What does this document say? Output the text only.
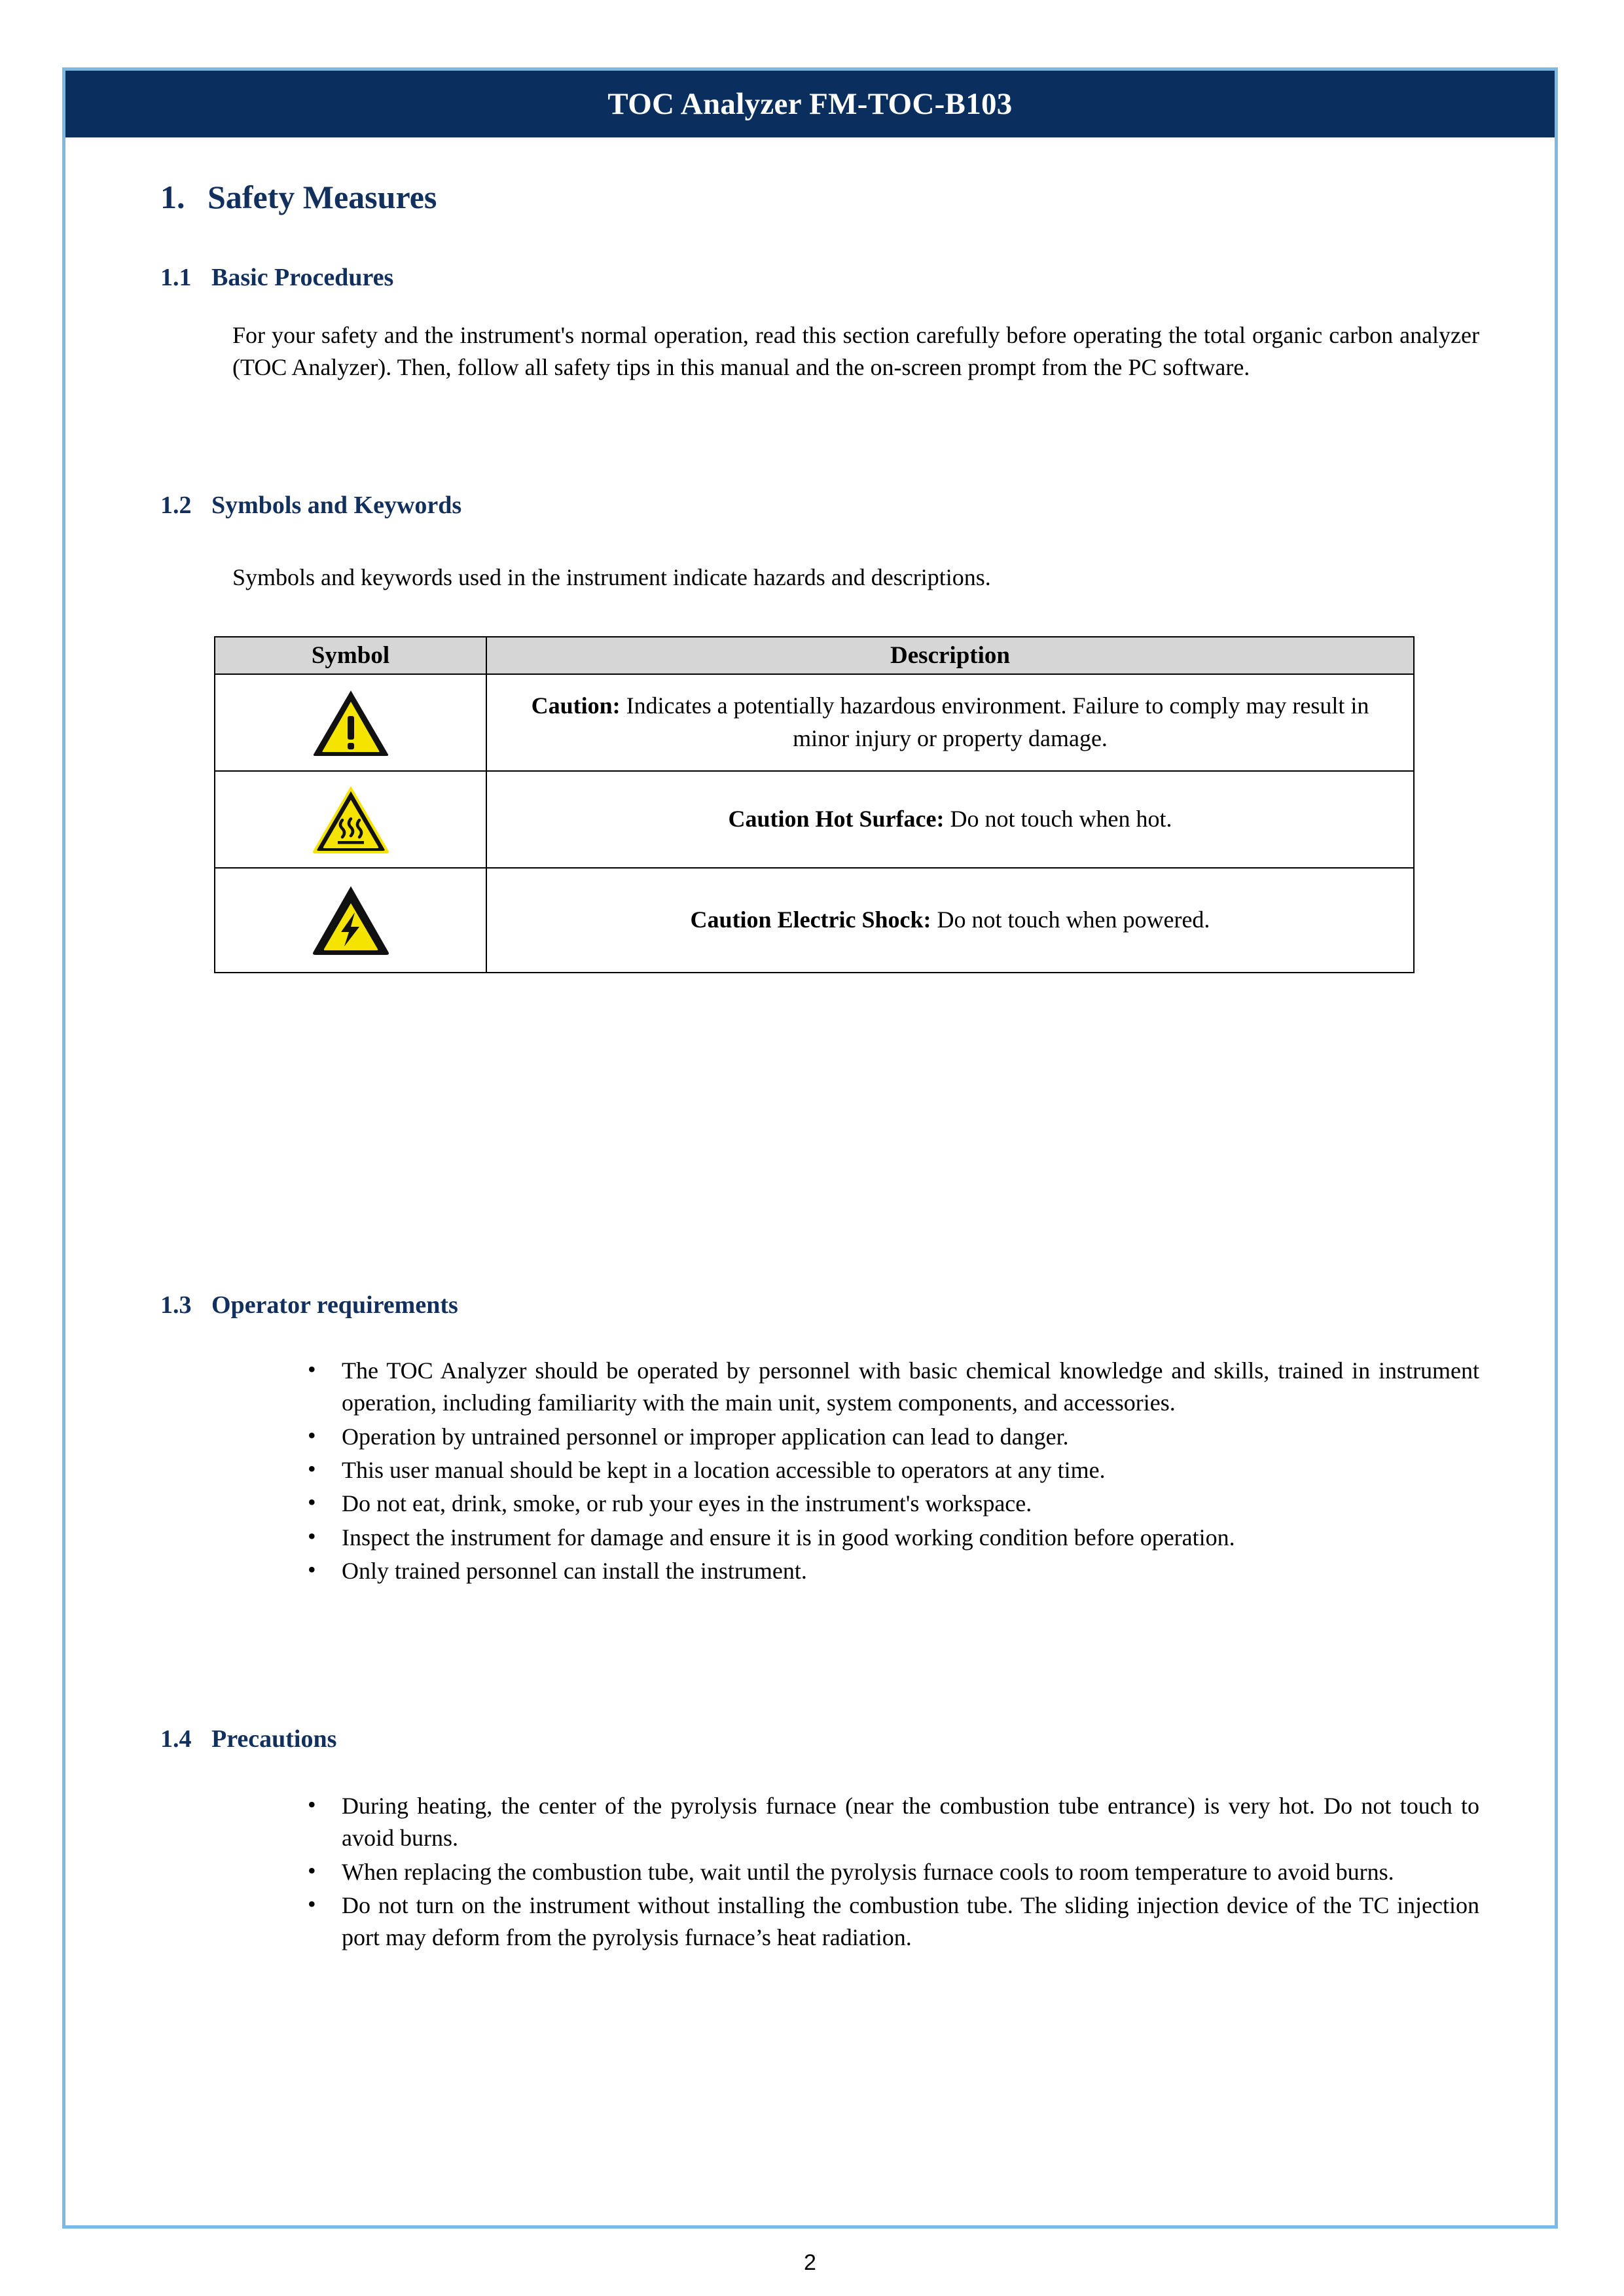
TOC Analyzer FM-TOC-B103
1. Safety Measures
1.1 Basic Procedures
For your safety and the instrument's normal operation, read this section carefully before operating the total organic carbon analyzer (TOC Analyzer). Then, follow all safety tips in this manual and the on-screen prompt from the PC software.
1.2 Symbols and Keywords
Symbols and keywords used in the instrument indicate hazards and descriptions.
Symbol	Description

	Caution: Indicates a potentially hazardous environment. Failure to comply may result in minor injury or property damage.

	Caution Hot Surface: Do not touch when hot.

	Caution Electric Shock: Do not touch when powered.
1.3 Operator requirements
• The TOC Analyzer should be operated by personnel with basic chemical knowledge and skills, trained in instrument operation, including familiarity with the main unit, system components, and accessories.
• Operation by untrained personnel or improper application can lead to danger.
• This user manual should be kept in a location accessible to operators at any time.
• Do not eat, drink, smoke, or rub your eyes in the instrument's workspace.
• Inspect the instrument for damage and ensure it is in good working condition before operation.
• Only trained personnel can install the instrument.
1.4 Precautions
• During heating, the center of the pyrolysis furnace (near the combustion tube entrance) is very hot. Do not touch to avoid burns.
• When replacing the combustion tube, wait until the pyrolysis furnace cools to room temperature to avoid burns.
• Do not turn on the instrument without installing the combustion tube. The sliding injection device of the TC injection port may deform from the pyrolysis furnace’s heat radiation.
2
